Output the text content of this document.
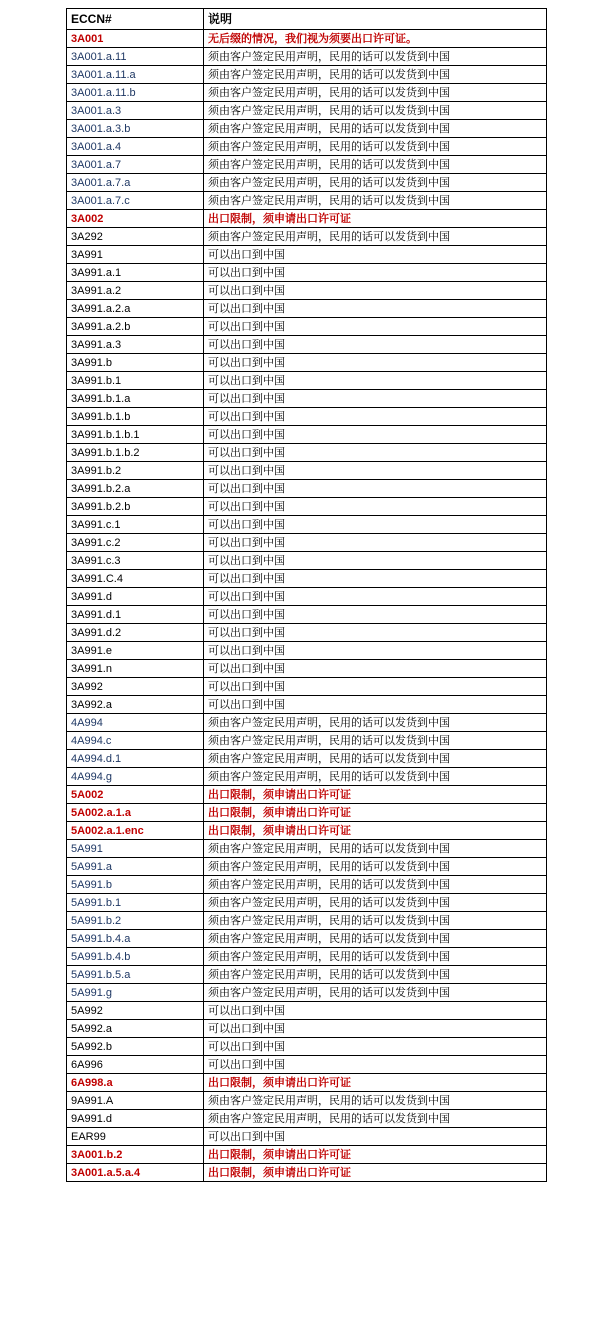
ECCN#	说明
3A001	无后缀的情况，我们视为须要出口许可证。
3A001.a.11	须由客户签定民用声明，民用的话可以发货到中国
3A001.a.11.a	须由客户签定民用声明，民用的话可以发货到中国
3A001.a.11.b	须由客户签定民用声明，民用的话可以发货到中国
3A001.a.3	须由客户签定民用声明，民用的话可以发货到中国
3A001.a.3.b	须由客户签定民用声明，民用的话可以发货到中国
3A001.a.4	须由客户签定民用声明，民用的话可以发货到中国
3A001.a.7	须由客户签定民用声明，民用的话可以发货到中国
3A001.a.7.a	须由客户签定民用声明，民用的话可以发货到中国
3A001.a.7.c	须由客户签定民用声明，民用的话可以发货到中国
3A002	出口限制，须申请出口许可证
3A292	须由客户签定民用声明，民用的话可以发货到中国
3A991	可以出口到中国
3A991.a.1	可以出口到中国
3A991.a.2	可以出口到中国
3A991.a.2.a	可以出口到中国
3A991.a.2.b	可以出口到中国
3A991.a.3	可以出口到中国
3A991.b	可以出口到中国
3A991.b.1	可以出口到中国
3A991.b.1.a	可以出口到中国
3A991.b.1.b	可以出口到中国
3A991.b.1.b.1	可以出口到中国
3A991.b.1.b.2	可以出口到中国
3A991.b.2	可以出口到中国
3A991.b.2.a	可以出口到中国
3A991.b.2.b	可以出口到中国
3A991.c.1	可以出口到中国
3A991.c.2	可以出口到中国
3A991.c.3	可以出口到中国
3A991.C.4	可以出口到中国
3A991.d	可以出口到中国
3A991.d.1	可以出口到中国
3A991.d.2	可以出口到中国
3A991.e	可以出口到中国
3A991.n	可以出口到中国
3A992	可以出口到中国
3A992.a	可以出口到中国
4A994	须由客户签定民用声明，民用的话可以发货到中国
4A994.c	须由客户签定民用声明，民用的话可以发货到中国
4A994.d.1	须由客户签定民用声明，民用的话可以发货到中国
4A994.g	须由客户签定民用声明，民用的话可以发货到中国
5A002	出口限制，须申请出口许可证
5A002.a.1.a	出口限制，须申请出口许可证
5A002.a.1.enc	出口限制，须申请出口许可证
5A991	须由客户签定民用声明，民用的话可以发货到中国
5A991.a	须由客户签定民用声明，民用的话可以发货到中国
5A991.b	须由客户签定民用声明，民用的话可以发货到中国
5A991.b.1	须由客户签定民用声明，民用的话可以发货到中国
5A991.b.2	须由客户签定民用声明，民用的话可以发货到中国
5A991.b.4.a	须由客户签定民用声明，民用的话可以发货到中国
5A991.b.4.b	须由客户签定民用声明，民用的话可以发货到中国
5A991.b.5.a	须由客户签定民用声明，民用的话可以发货到中国
5A991.g	须由客户签定民用声明，民用的话可以发货到中国
5A992	可以出口到中国
5A992.a	可以出口到中国
5A992.b	可以出口到中国
6A996	可以出口到中国
6A998.a	出口限制，须申请出口许可证
9A991.A	须由客户签定民用声明，民用的话可以发货到中国
9A991.d	须由客户签定民用声明，民用的话可以发货到中国
EAR99	可以出口到中国
3A001.b.2	出口限制，须申请出口许可证
3A001.a.5.a.4	出口限制，须申请出口许可证
